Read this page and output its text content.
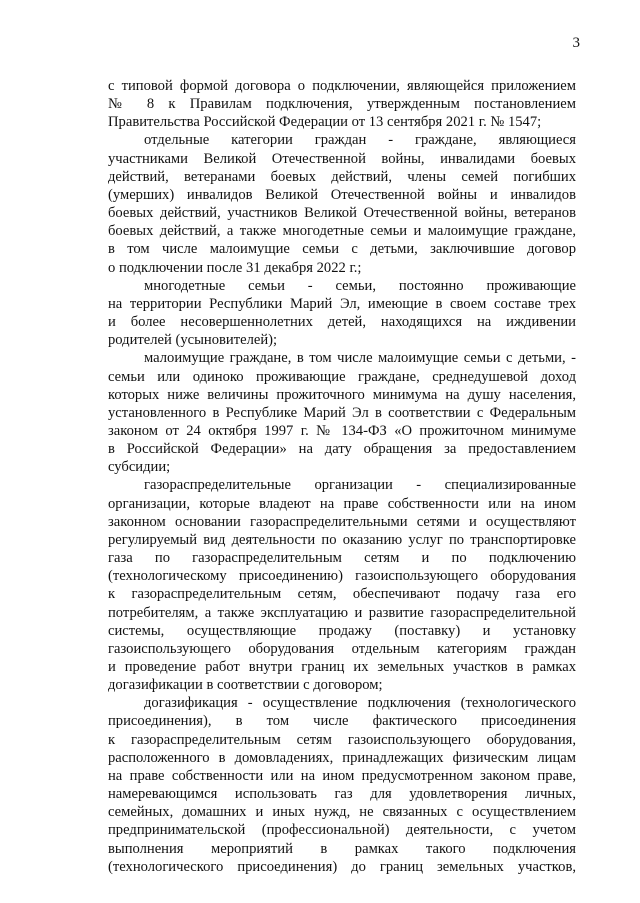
3
с типовой формой договора о подключении, являющейся приложением
№ 8 к Правилам подключения, утвержденным постановлением
Правительства Российской Федерации от 13 сентября 2021 г. № 1547;
отдельные категории граждан - граждане, являющиеся
участниками Великой Отечественной войны, инвалидами боевых
действий, ветеранами боевых действий, члены семей погибших
(умерших) инвалидов Великой Отечественной войны и инвалидов
боевых действий, участников Великой Отечественной войны, ветеранов
боевых действий, а также многодетные семьи и малоимущие граждане,
в том числе малоимущие семьи с детьми, заключившие договор
о подключении после 31 декабря 2022 г.;
многодетные семьи - семьи, постоянно проживающие
на территории Республики Марий Эл, имеющие в своем составе трех
и более несовершеннолетних детей, находящихся на иждивении
родителей (усыновителей);
малоимущие граждане, в том числе малоимущие семьи с детьми, -
семьи или одиноко проживающие граждане, среднедушевой доход
которых ниже величины прожиточного минимума на душу населения,
установленного в Республике Марий Эл в соответствии с Федеральным
законом от 24 октября 1997 г. № 134-ФЗ «О прожиточном минимуме
в Российской Федерации» на дату обращения за предоставлением
субсидии;
газораспределительные организации - специализированные
организации, которые владеют на праве собственности или на ином
законном основании газораспределительными сетями и осуществляют
регулируемый вид деятельности по оказанию услуг по транспортировке
газа по газораспределительным сетям и по подключению
(технологическому присоединению) газоиспользующего оборудования
к газораспределительным сетям, обеспечивают подачу газа его
потребителям, а также эксплуатацию и развитие газораспределительной
системы, осуществляющие продажу (поставку) и установку
газоиспользующего оборудования отдельным категориям граждан
и проведение работ внутри границ их земельных участков в рамках
догазификации в соответствии с договором;
догазификация - осуществление подключения (технологического
присоединения), в том числе фактического присоединения
к газораспределительным сетям газоиспользующего оборудования,
расположенного в домовладениях, принадлежащих физическим лицам
на праве собственности или на ином предусмотренном законом праве,
намеревающимся использовать газ для удовлетворения личных,
семейных, домашних и иных нужд, не связанных с осуществлением
предпринимательской (профессиональной) деятельности, с учетом
выполнения мероприятий в рамках такого подключения
(технологического присоединения) до границ земельных участков,
